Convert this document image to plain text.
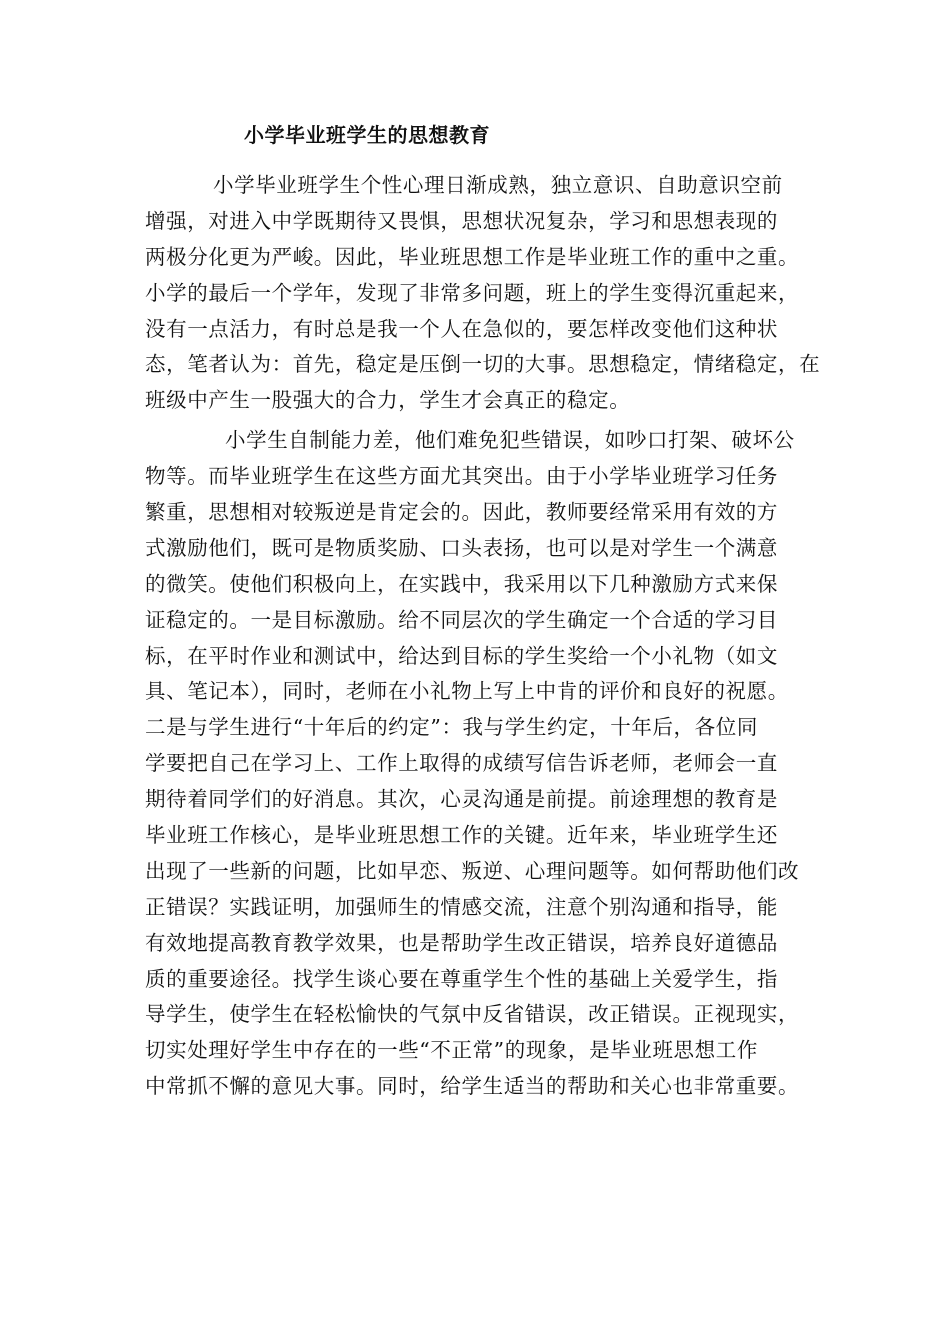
小学毕业班学生的思想教育
小学毕业班学生个性心理日渐成熟，独立意识、自助意识空前
增强，对进入中学既期待又畏惧，思想状况复杂，学习和思想表现的
两极分化更为严峻。因此，毕业班思想工作是毕业班工作的重中之重。
小学的最后一个学年，发现了非常多问题，班上的学生变得沉重起来，
没有一点活力，有时总是我一个人在急似的，要怎样改变他们这种状
态，笔者认为：首先，稳定是压倒一切的大事。思想稳定，情绪稳定，在
班级中产生一股强大的合力，学生才会真正的稳定。
小学生自制能力差，他们难免犯些错误，如吵口打架、破坏公
物等。而毕业班学生在这些方面尤其突出。由于小学毕业班学习任务
繁重，思想相对较叛逆是肯定会的。因此，教师要经常采用有效的方
式激励他们，既可是物质奖励、口头表扬，也可以是对学生一个满意
的微笑。使他们积极向上，在实践中，我采用以下几种激励方式来保
证稳定的。一是目标激励。给不同层次的学生确定一个合适的学习目
标，在平时作业和测试中，给达到目标的学生奖给一个小礼物（如文
具、笔记本），同时，老师在小礼物上写上中肯的评价和良好的祝愿。
二是与学生进行“十年后的约定”：我与学生约定，十年后，各位同
学要把自己在学习上、工作上取得的成绩写信告诉老师，老师会一直
期待着同学们的好消息。其次，心灵沟通是前提。前途理想的教育是
毕业班工作核心，是毕业班思想工作的关键。近年来，毕业班学生还
出现了一些新的问题，比如早恋、叛逆、心理问题等。如何帮助他们改
正错误？实践证明，加强师生的情感交流，注意个别沟通和指导，能
有效地提高教育教学效果，也是帮助学生改正错误，培养良好道德品
质的重要途径。找学生谈心要在尊重学生个性的基础上关爱学生，指
导学生，使学生在轻松愉快的气氛中反省错误，改正错误。正视现实，
切实处理好学生中存在的一些“不正常”的现象，是毕业班思想工作
中常抓不懈的意见大事。同时，给学生适当的帮助和关心也非常重要。
